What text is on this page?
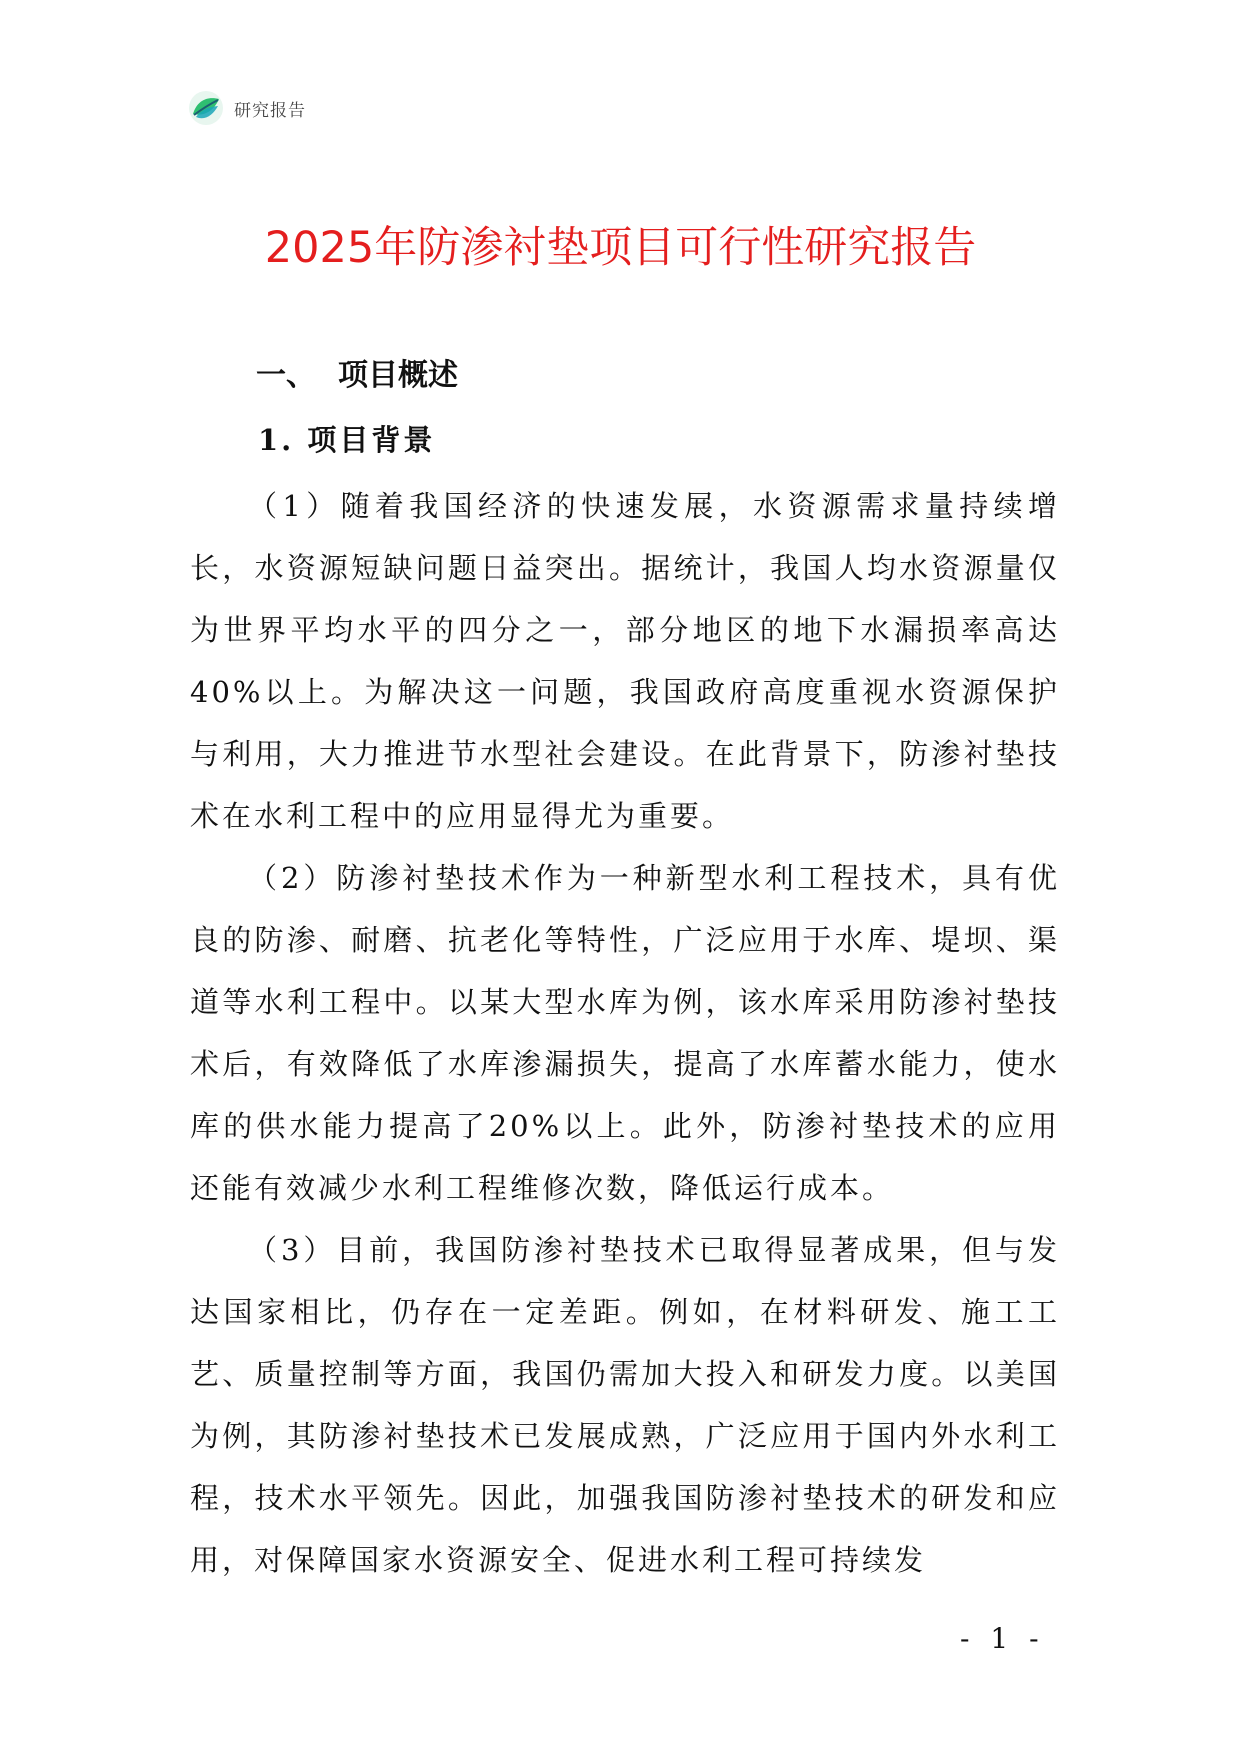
研究报告
2025年防渗衬垫项目可行性研究报告
一、 项目概述
1. 项目背景

（1）随着我国经济的快速发展，水资源需求量持续增长，水资源短缺问题日益突出。据统计，我国人均水资源量仅为世界平均水平的四分之一，部分地区的地下水漏损率高达40%以上。为解决这一问题，我国政府高度重视水资源保护与利用，大力推进节水型社会建设。在此背景下，防渗衬垫技术在水利工程中的应用显得尤为重要。

（2）防渗衬垫技术作为一种新型水利工程技术，具有优良的防渗、耐磨、抗老化等特性，广泛应用于水库、堤坝、渠道等水利工程中。以某大型水库为例，该水库采用防渗衬垫技术后，有效降低了水库渗漏损失，提高了水库蓄水能力，使水库的供水能力提高了20%以上。此外，防渗衬垫技术的应用还能有效减少水利工程维修次数，降低运行成本。

（3）目前，我国防渗衬垫技术已取得显著成果，但与发达国家相比，仍存在一定差距。例如，在材料研发、施工工艺、质量控制等方面，我国仍需加大投入和研发力度。以美国为例，其防渗衬垫技术已发展成熟，广泛应用于国内外水利工程，技术水平领先。因此，加强我国防渗衬垫技术的研发和应用，对保障国家水资源安全、促进水利工程可持续发

- 1 -
